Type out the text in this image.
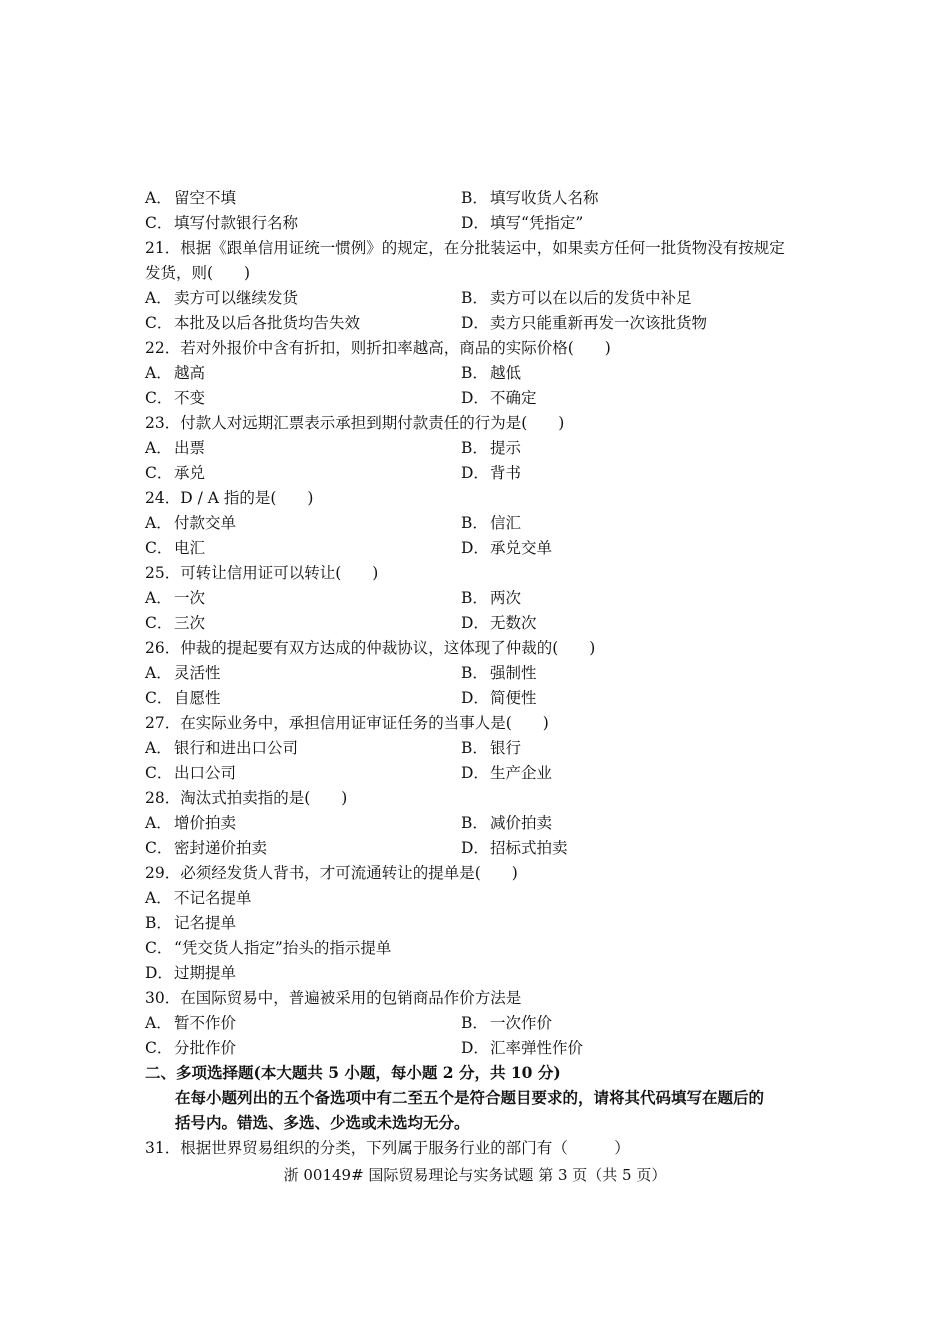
A． 留空不填	B． 填写收货人名称
C． 填写付款银行名称	D．填写“凭指定”
21．根据《跟单信用证统一惯例》的规定，在分批装运中，如果卖方任何一批货物没有按规定
发货，则(　　)
A． 卖方可以继续发货	B． 卖方可以在以后的发货中补足
C． 本批及以后各批货均告失效	D．卖方只能重新再发一次该批货物
22．若对外报价中含有折扣，则折扣率越高，商品的实际价格(　　)
A． 越高	B． 越低
C． 不变	D．不确定
23．付款人对远期汇票表示承担到期付款责任的行为是(　　)
A． 出票	B． 提示
C． 承兑	D．背书
24．D / A 指的是(　　)
A． 付款交单	B． 信汇
C． 电汇	D．承兑交单
25．可转让信用证可以转让(　　)
A． 一次	B． 两次
C． 三次	D．无数次
26．仲裁的提起要有双方达成的仲裁协议，这体现了仲裁的(　　)
A． 灵活性	B． 强制性
C． 自愿性	D．简便性
27．在实际业务中，承担信用证审证任务的当事人是(　　)
A． 银行和进出口公司	B． 银行
C． 出口公司	D．生产企业
28．淘汰式拍卖指的是(　　)
A． 增价拍卖	B． 减价拍卖
C． 密封递价拍卖	D．招标式拍卖
29．必须经发货人背书，才可流通转让的提单是(　　)
A． 不记名提单
B． 记名提单
C． “凭交货人指定”抬头的指示提单
D．过期提单
30．在国际贸易中，普遍被采用的包销商品作价方法是
A． 暂不作价	B． 一次作价
C． 分批作价	D．汇率弹性作价
二、多项选择题(本大题共 5 小题，每小题 2 分，共 10 分)
在每小题列出的五个备选项中有二至五个是符合题目要求的，请将其代码填写在题后的
括号内。错选、多选、少选或未选均无分。
31．根据世界贸易组织的分类，下列属于服务行业的部门有（　　　）
浙 00149# 国际贸易理论与实务试题 第 3 页（共 5 页）
